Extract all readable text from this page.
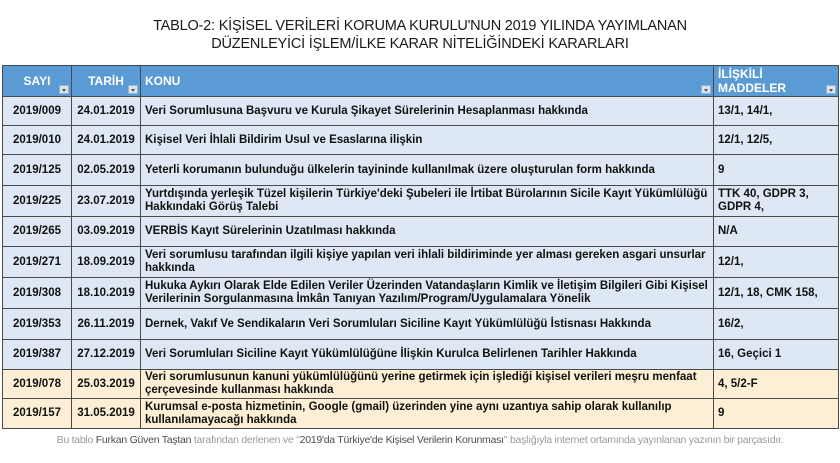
TABLO-2: KİŞİSEL VERİLERİ KORUMA KURULU'NUN 2019 YILINDA YAYIMLANAN
DÜZENLEYİCİ İŞLEM/İLKE KARAR NİTELİĞİNDEKİ KARARLARI
SAYI	TARİH	KONU	İLİŞKİLİ
MADDELER

2019/009	24.01.2019	Veri Sorumlusuna Başvuru ve Kurula Şikayet Sürelerinin Hesaplanması hakkında	13/1, 14/1,
2019/010	24.01.2019	Kişisel Veri İhlali Bildirim Usul ve Esaslarına ilişkin	12/1, 12/5,
2019/125	02.05.2019	Yeterli korumanın bulunduğu ülkelerin tayininde kullanılmak üzere oluşturulan form hakkında	9
2019/225	23.07.2019	Yurtdışında yerleşik Tüzel kişilerin Türkiye'deki Şubeleri ile İrtibat Bürolarının Sicile Kayıt Yükümlülüğü Hakkındaki Görüş Talebi	TTK 40, GDPR 3, GDPR 4,
2019/265	03.09.2019	VERBİS Kayıt Sürelerinin Uzatılması hakkında	N/A
2019/271	18.09.2019	Veri sorumlusu tarafından ilgili kişiye yapılan veri ihlali bildiriminde yer alması gereken asgari unsurlar hakkında	12/1,
2019/308	18.10.2019	Hukuka Aykırı Olarak Elde Edilen Veriler Üzerinden Vatandaşların Kimlik ve İletişim Bilgileri Gibi Kişisel Verilerinin Sorgulanmasına İmkân Tanıyan Yazılım/Program/Uygulamalara Yönelik	12/1, 18, CMK 158,
2019/353	26.11.2019	Dernek, Vakıf Ve Sendikaların Veri Sorumluları Siciline Kayıt Yükümlülüğü İstisnası Hakkında	16/2,
2019/387	27.12.2019	Veri Sorumluları Siciline Kayıt Yükümlülüğüne İlişkin Kurulca Belirlenen Tarihler Hakkında	16, Geçici 1
2019/078	25.03.2019	Veri sorumlusunun kanuni yükümlülüğünü yerine getirmek için işlediği kişisel verileri meşru menfaat çerçevesinde kullanması hakkında	4, 5/2-F
2019/157	31.05.2019	Kurumsal e-posta hizmetinin, Google (gmail) üzerinden yine aynı uzantıya sahip olarak kullanılıp kullanılamayacağı hakkında	9
Bu tablo Furkan Güven Taştan tarafından derlenen ve "2019'da Türkiye'de Kişisel Verilerin Korunması" başlığıyla internet ortamında yayınlanan yazının bir parçasıdır.
